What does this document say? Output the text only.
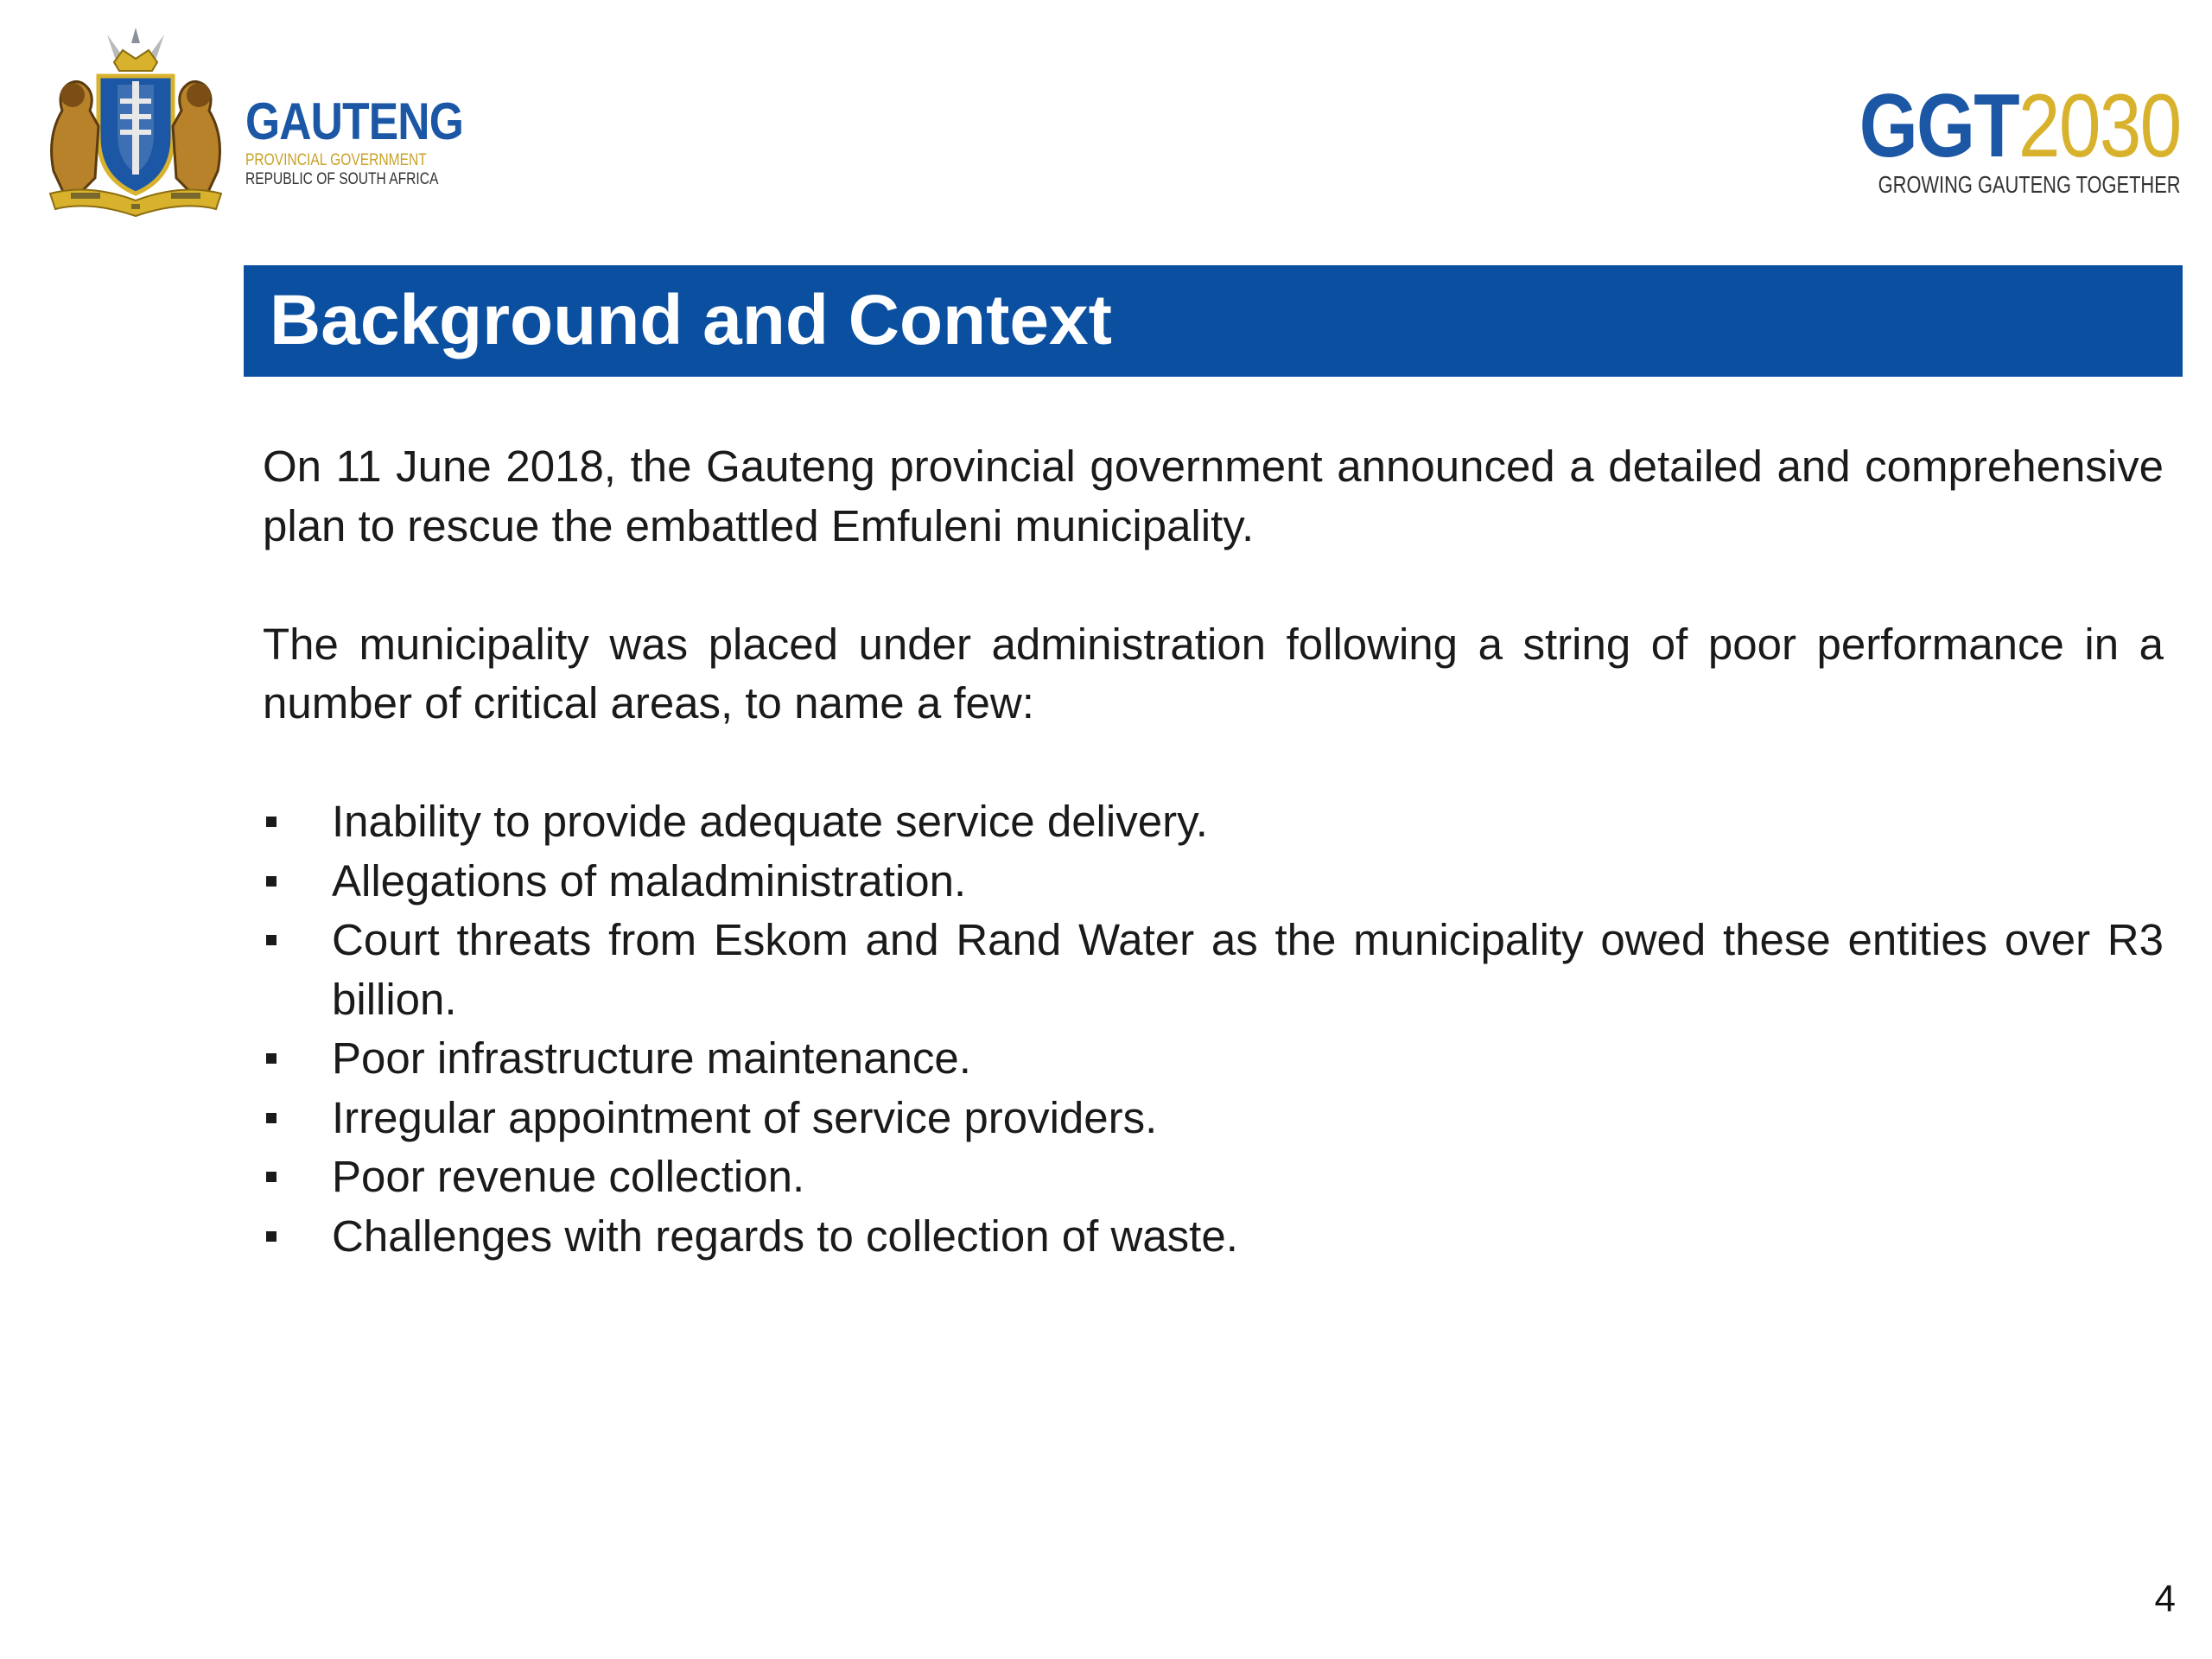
GAUTENG
PROVINCIAL GOVERNMENT
REPUBLIC OF SOUTH AFRICA
GGT2030
GROWING GAUTENG TOGETHER
Background and Context

On 11 June 2018, the Gauteng provincial government announced a detailed and comprehensive plan to rescue the embattled Emfuleni municipality.

The municipality was placed under administration following a string of poor performance in a number of critical areas, to name a few:

Inability to provide adequate service delivery.
Allegations of maladministration.
Court threats from Eskom and Rand Water as the municipality owed these entities over R3 billion.
Poor infrastructure maintenance.
Irregular appointment of service providers.
Poor revenue collection.
Challenges with regards to collection of waste.
4
